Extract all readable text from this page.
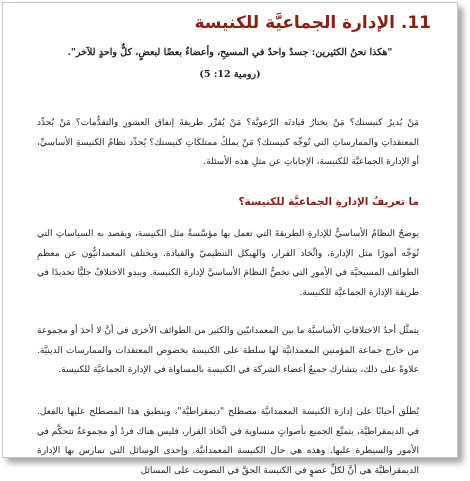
11. الإدارة الجماعيَّة للكنيسة
"هكذا نحنُ الكثيرين: جسدٌ واحدٌ في المسيحِ، وأعضاءٌ بعضًا لبعضٍ، كلٌّ واحدٍ للآخر".
(رومية 12: 5)

مَنْ يُديرُ كنيستك؟ مَنْ يختارُ قيادتَه الرّعويَّة؟ مَنْ يُقرِّر طريقةَ إنفاق العشورِ والتقدُّمات؟ مَنْ يُحدِّد المعتقداتِ والممارساتِ التي تُوجِّه كنيستك؟ مَنْ يملكُ ممتلكاتِ كنيستك؟ يُحدِّد نظامُ الكنيسةِ الأساسيِّ، أو الإدارة الجماعيَّة للكنيسة، الإجاباتِ عن مثلِ هذه الأسئلة.

ما تعريفُ الإدارةِ الجماعيَّة للكنيسة؟

يوضحُ النظامُ الأساسيُّ للإدارةِ الطريقةَ التي تعمل بها مؤسَّسةٌ مثل الكنيسة، ويقصد به السياساتِ التي تُوجِّه أمورًا مثل الإدارة، واتِّخاذ القرار، والهيكل التنظيميّ والقيادة. ويختلف المعمدانيُّون عن معظمِ الطوائف المسيحيَّة في الأمورِ التي تخصُّ النظامَ الأساسيَّ لإدارة الكنيسة. ويبدو الاختلافُ جليًّا تحديدًا في طريقة الإدارة الجماعيَّة للكنيسة.

يتمثَّل أحدُ الاختلافاتِ الأساسيَّة ما بين المعمدانيّين والكثير من الطوائف الأخرى في أنَّ لا أحدَ أو مجموعة من خارج جماعة المؤمنين المعمدانيَّة لها سلطة على الكنيسة بخصوص المعتقدات والممارسات الدينيَّة. علاوةً على ذلك، يتشارك جميعُ أعضاء الشركة في الكنيسة بالمساواة في الإدارة الجماعيَّة للكنيسة.

يُطلَق أحيانًا على إدارة الكنيسة المعمدانيَّة مصطلح "ديمقراطيَّة"، وينطبق هذا المصطلح عليها بالفعل. في الديمقراطيَّة، يتمتَّع الجميع بأصواتٍ متساوية في اتِّخاذ القرار، فليس هناك فردٌ أو مجموعةٌ تتحكَّم في الأمور والسيطرة عليها. وهذه هي حال الكنيسة المعمدانيَّة. وإحدى الوسائل التي تمارس بها الإدارة الديمقراطيَّة هي أنَّ لكلِّ عضوٍ في الكنيسة الحقَّ في التصويت على المسائل
